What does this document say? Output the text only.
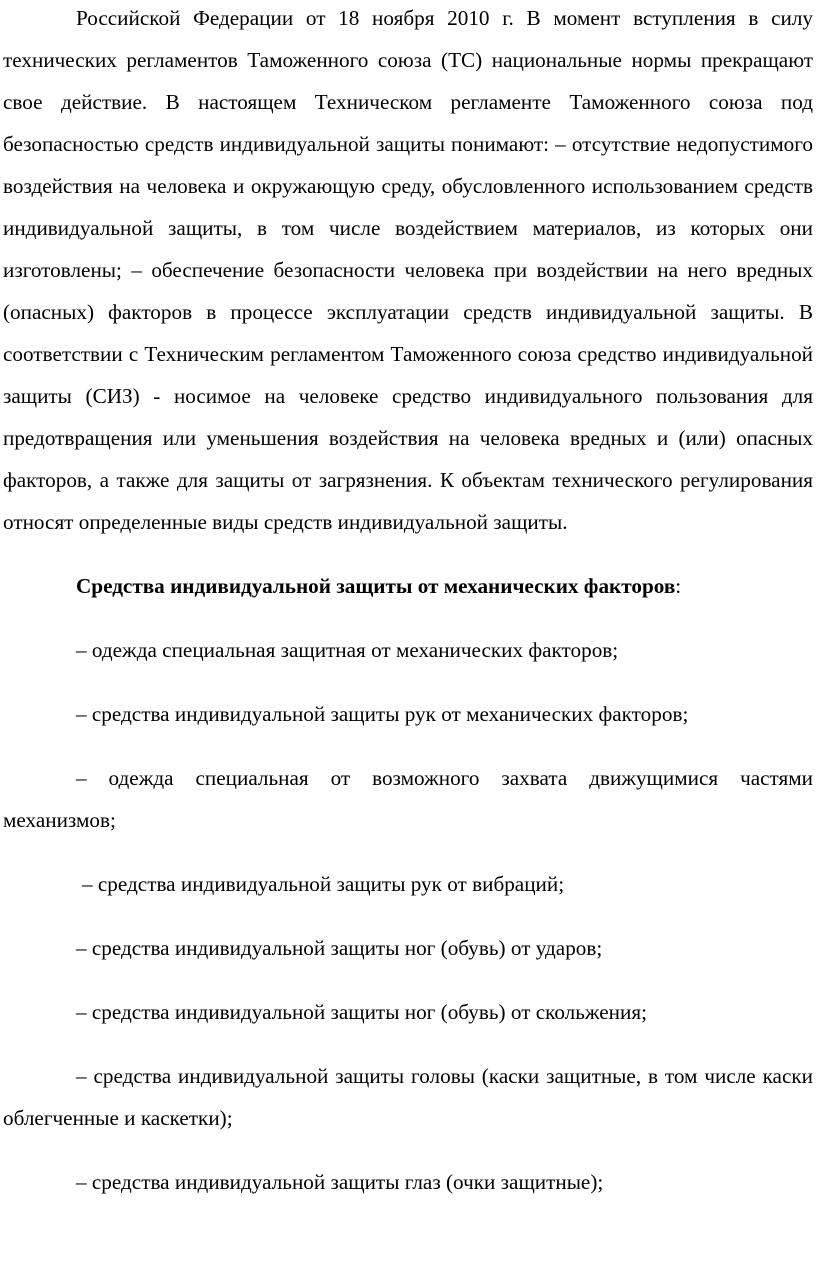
Российской Федерации от 18 ноября 2010 г. В момент вступления в силу технических регламентов Таможенного союза (ТС) национальные нормы прекращают свое действие. В настоящем Техническом регламенте Таможенного союза под безопасностью средств индивидуальной защиты понимают: – отсутствие недопустимого воздействия на человека и окружающую среду, обусловленного использованием средств индивидуальной защиты, в том числе воздействием материалов, из которых они изготовлены; – обеспечение безопасности человека при воздействии на него вредных (опасных) факторов в процессе эксплуатации средств индивидуальной защиты. В соответствии с Техническим регламентом Таможенного союза средство индивидуальной защиты (СИЗ) - носимое на человеке средство индивидуального пользования для предотвращения или уменьшения воздействия на человека вредных и (или) опасных факторов, а также для защиты от загрязнения. К объектам технического регулирования относят определенные виды средств индивидуальной защиты.

Средства индивидуальной защиты от механических факторов:

– одежда специальная защитная от механических факторов;

– средства индивидуальной защиты рук от механических факторов;

– одежда специальная от возможного захвата движущимися частями механизмов;

– средства индивидуальной защиты рук от вибраций;

– средства индивидуальной защиты ног (обувь) от ударов;

– средства индивидуальной защиты ног (обувь) от скольжения;

– средства индивидуальной защиты головы (каски защитные, в том числе каски облегченные и каскетки);

– средства индивидуальной защиты глаз (очки защитные);
